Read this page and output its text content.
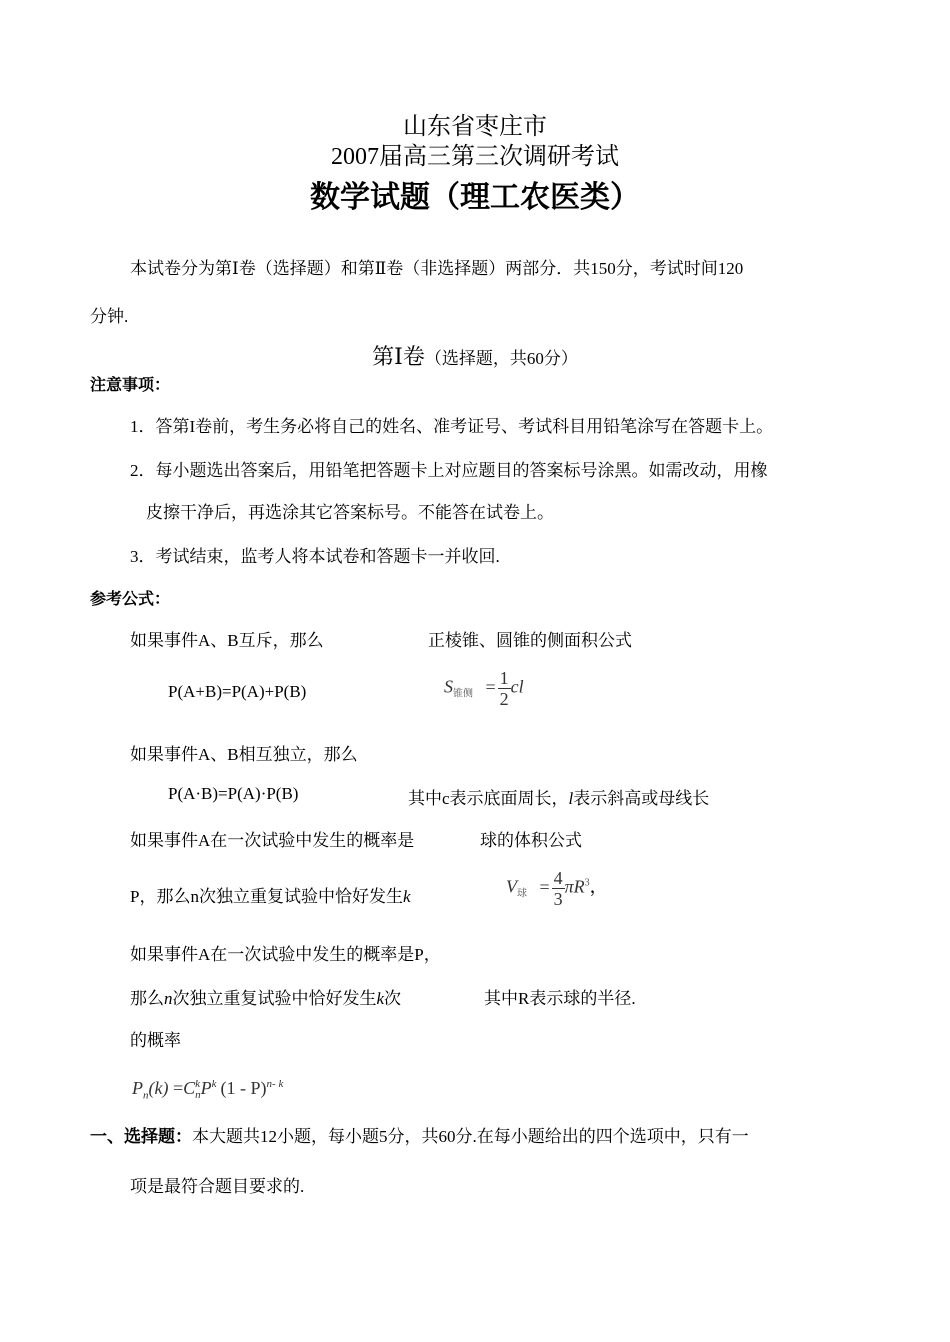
山东省枣庄市
2007届高三第三次调研考试
数学试题（理工农医类）
本试卷分为第Ⅰ卷（选择题）和第Ⅱ卷（非选择题）两部分．共150分，考试时间120
分钟.
第Ⅰ卷（选择题，共60分）
注意事项：
1．答第I卷前，考生务必将自己的姓名、准考证号、考试科目用铅笔涂写在答题卡上。
2．每小题选出答案后，用铅笔把答题卡上对应题目的答案标号涂黑。如需改动，用橡
皮擦干净后，再选涂其它答案标号。不能答在试卷上。
3．考试结束，监考人将本试卷和答题卡一并收回.
参考公式：
如果事件A、B互斥，那么	正棱锥、圆锥的侧面积公式
P(A+B)=P(A)+P(B)	$S_{锥侧} = \frac{1}{2}$ cl
如果事件A、B相互独立，那么
P(A·B)=P(A)·P(B)	其中c表示底面周长，l表示斜高或母线长
如果事件A在一次试验中发生的概率是	球的体积公式
P，那么n次独立重复试验中恰好发生k	$V_球 = \frac{4}{3} \pi R^3$，
如果事件A在一次试验中发生的概率是P，
那么n次独立重复试验中恰好发生k次	其中R表示球的半径.
的概率
$P_n(k) =C$ k
n $P^k$ (1 - P)$^{n- k}$
一、选择题：本大题共12小题，每小题5分，共60分.在每小题给出的四个选项中，只有一
项是最符合题目要求的.
